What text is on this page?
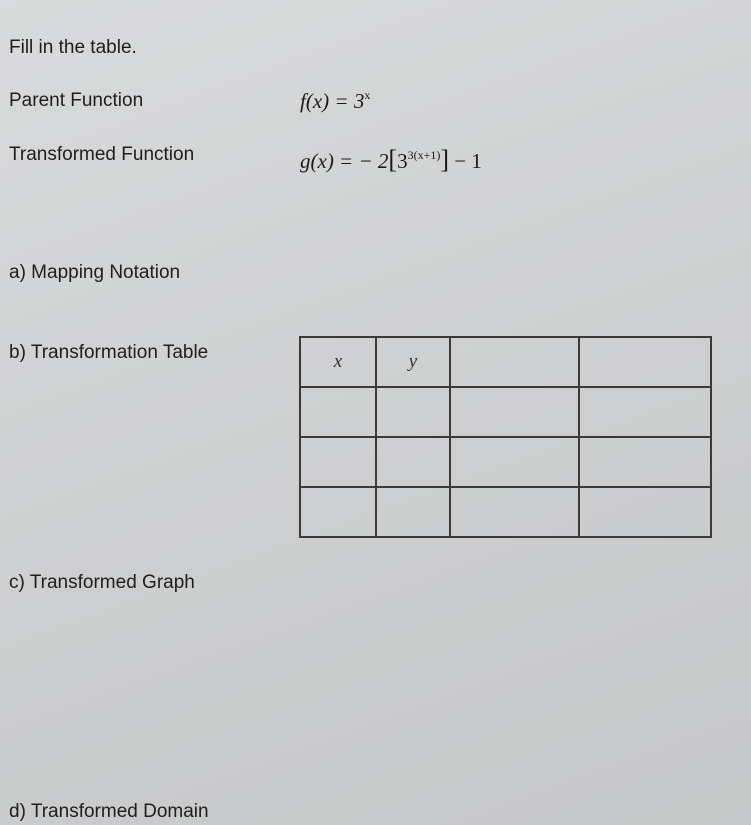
Fill in the table.
Parent Function	$f(x) = 3^x$
Transformed Function	g(x) = − $2[3^{3(x+1)}] - 1$
a) Mapping Notation
b) Transformation Table
c) Transformed Graph
d) Transformed Domain
x	y		
